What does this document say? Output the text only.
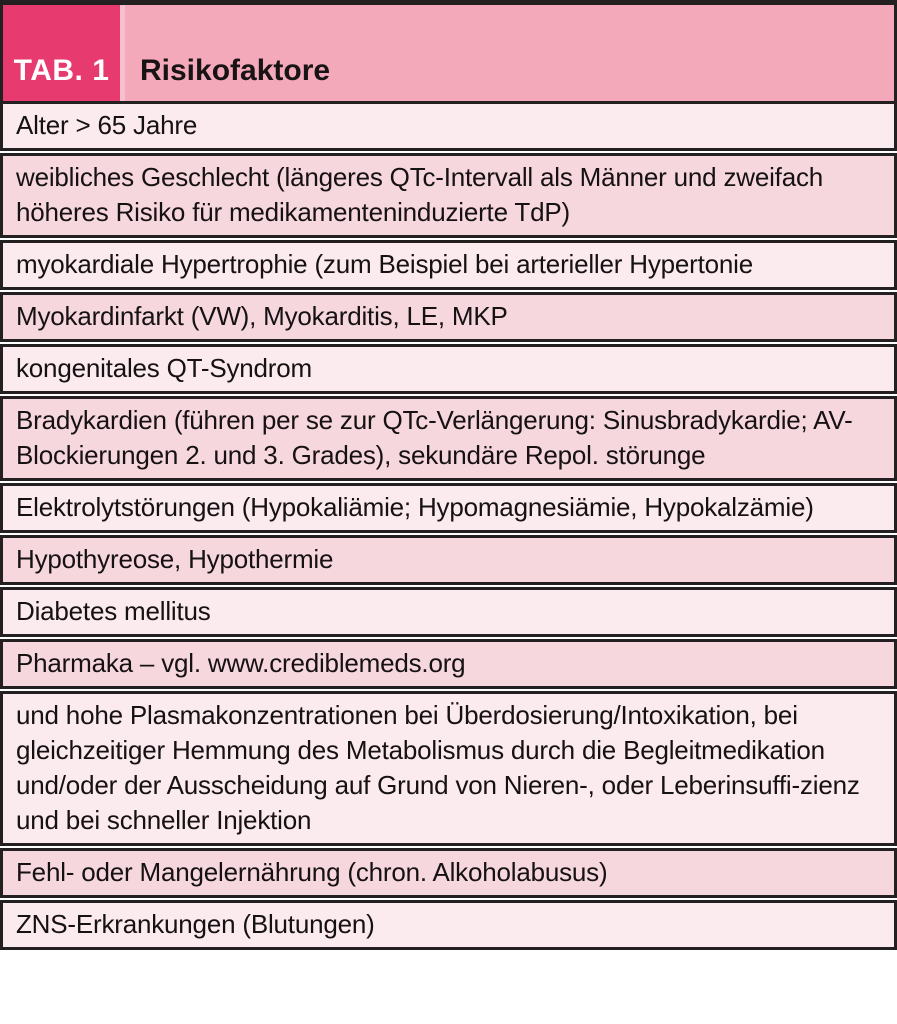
TAB. 1	Risikofaktore
Alter > 65 Jahre
weibliches Geschlecht (längeres QTc-Intervall als Männer und zweifach höheres Risiko für medikamenteninduzierte TdP)
myokardiale Hypertrophie (zum Beispiel bei arterieller Hypertonie
Myokardinfarkt (VW), Myokarditis, LE, MKP
kongenitales QT-Syndrom
Bradykardien (führen per se zur QTc-Verlängerung: Sinusbradykardie; AV-Blockierungen 2. und 3. Grades), sekundäre Repol. störunge
Elektrolytstörungen (Hypokaliämie; Hypomagnesiämie, Hypokalzämie)
Hypothyreose, Hypothermie
Diabetes mellitus
Pharmaka – vgl. www.crediblemeds.org
und hohe Plasmakonzentrationen bei Überdosierung/Intoxikation, bei gleichzeitiger Hemmung des Metabolismus durch die Begleitmedikation und/oder der Ausscheidung auf Grund von Nieren-, oder Leberinsuffi-zienz und bei schneller Injektion
Fehl- oder Mangelernährung (chron. Alkoholabusus)
ZNS-Erkrankungen (Blutungen)
